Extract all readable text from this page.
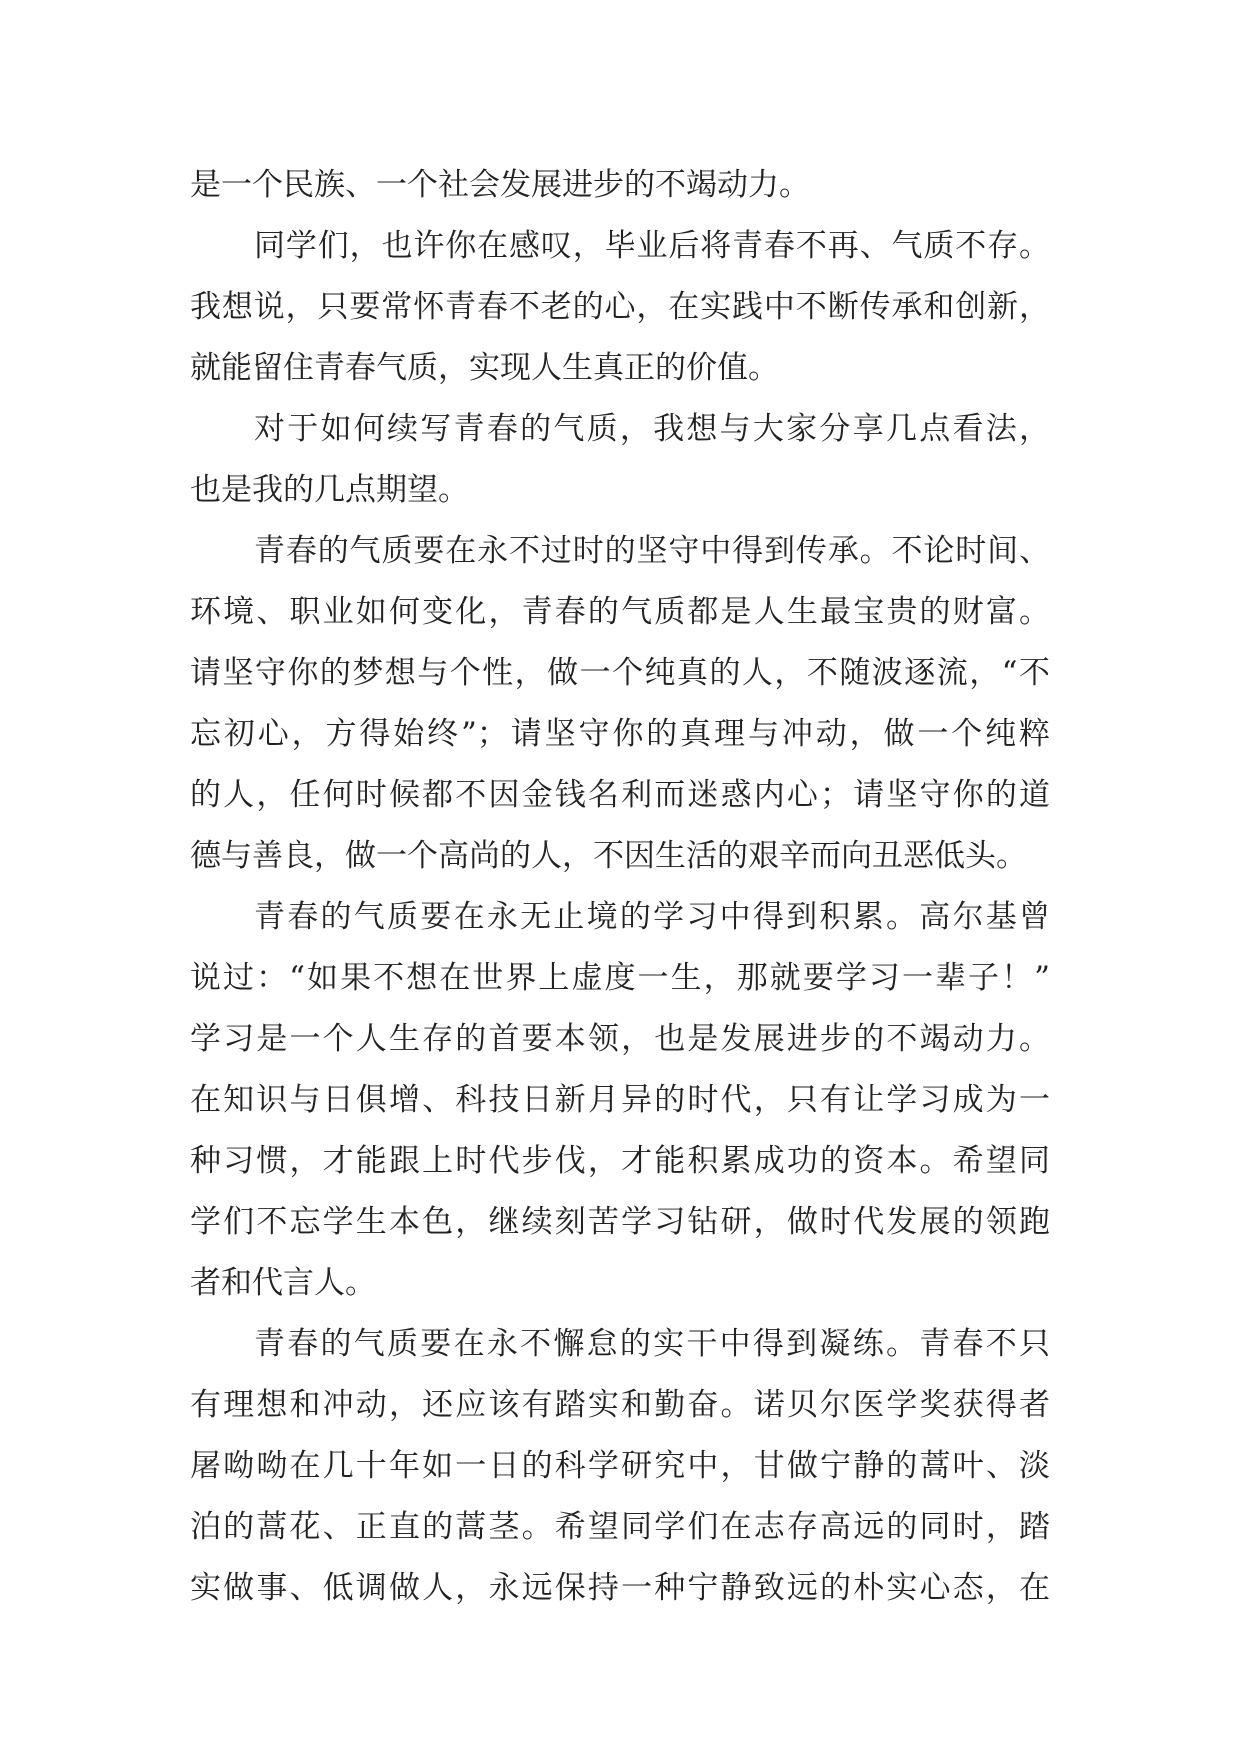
是一个民族、一个社会发展进步的不竭动力。
同学们，也许你在感叹，毕业后将青春不再、气质不存。
我想说，只要常怀青春不老的心，在实践中不断传承和创新，
就能留住青春气质，实现人生真正的价值。
对于如何续写青春的气质，我想与大家分享几点看法，
也是我的几点期望。
青春的气质要在永不过时的坚守中得到传承。不论时间、
环境、职业如何变化，青春的气质都是人生最宝贵的财富。
请坚守你的梦想与个性，做一个纯真的人，不随波逐流，“不
忘初心，方得始终”；请坚守你的真理与冲动，做一个纯粹
的人，任何时候都不因金钱名利而迷惑内心；请坚守你的道
德与善良，做一个高尚的人，不因生活的艰辛而向丑恶低头。
青春的气质要在永无止境的学习中得到积累。高尔基曾
说过：“如果不想在世界上虚度一生，那就要学习一辈子！”
学习是一个人生存的首要本领，也是发展进步的不竭动力。
在知识与日俱增、科技日新月异的时代，只有让学习成为一
种习惯，才能跟上时代步伐，才能积累成功的资本。希望同
学们不忘学生本色，继续刻苦学习钻研，做时代发展的领跑
者和代言人。
青春的气质要在永不懈怠的实干中得到凝练。青春不只
有理想和冲动，还应该有踏实和勤奋。诺贝尔医学奖获得者
屠呦呦在几十年如一日的科学研究中，甘做宁静的蒿叶、淡
泊的蒿花、正直的蒿茎。希望同学们在志存高远的同时，踏
实做事、低调做人，永远保持一种宁静致远的朴实心态，在
